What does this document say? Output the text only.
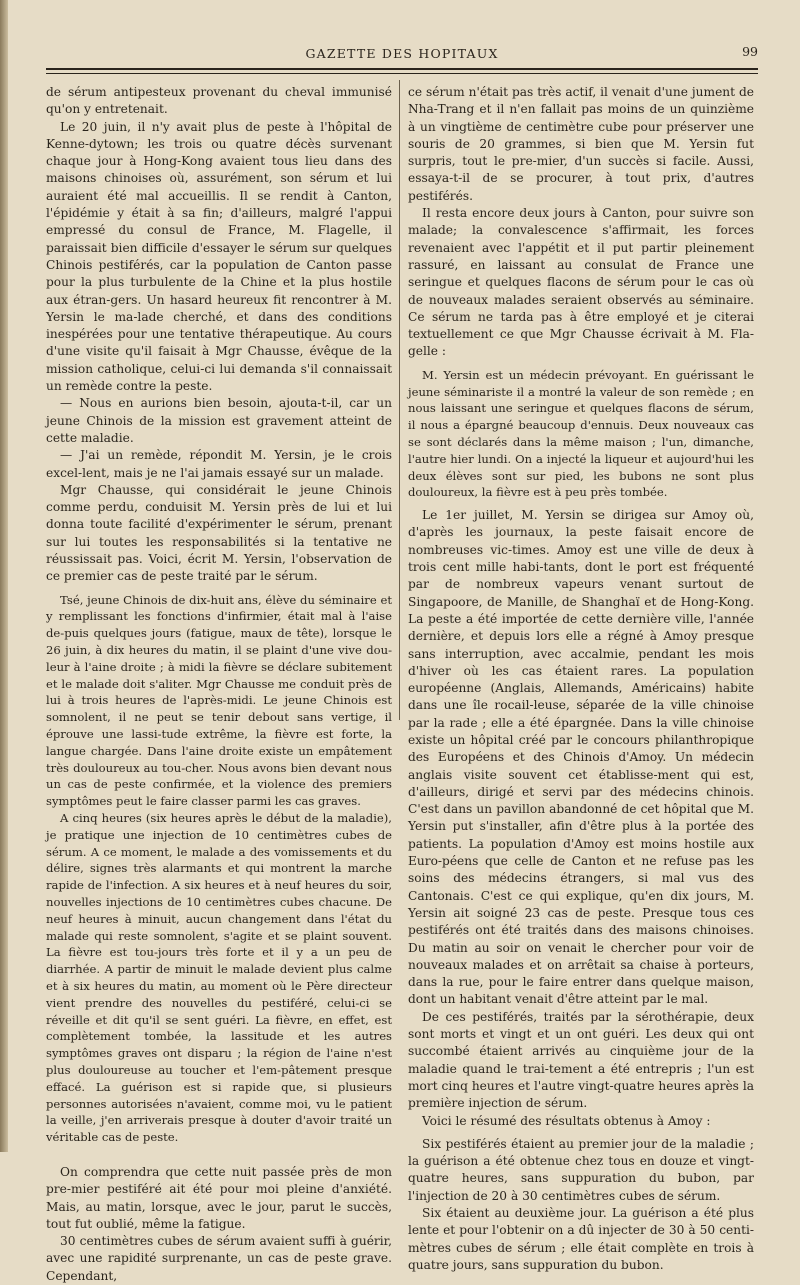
GAZETTE DES HOPITAUX	99

de sérum antipesteux provenant du cheval immunisé qu'on y entretenait.

Le 20 juin, il n'y avait plus de peste à l'hôpital de Kenne-dytown; les trois ou quatre décès survenant chaque jour à Hong-Kong avaient tous lieu dans des maisons chinoises où, assurément, son sérum et lui auraient été mal accueillis. Il se rendit à Canton, l'épidémie y était à sa fin; d'ailleurs, malgré l'appui empressé du consul de France, M. Flagelle, il paraissait bien difficile d'essayer le sérum sur quelques Chinois pestiférés, car la population de Canton passe pour la plus turbulente de la Chine et la plus hostile aux étran-gers. Un hasard heureux fit rencontrer à M. Yersin le ma-lade cherché, et dans des conditions inespérées pour une tentative thérapeutique. Au cours d'une visite qu'il faisait à Mgr Chausse, évêque de la mission catholique, celui-ci lui demanda s'il connaissait un remède contre la peste.

— Nous en aurions bien besoin, ajouta-t-il, car un jeune Chinois de la mission est gravement atteint de cette maladie.

— J'ai un remède, répondit M. Yersin, je le crois excel-lent, mais je ne l'ai jamais essayé sur un malade.

Mgr Chausse, qui considérait le jeune Chinois comme perdu, conduisit M. Yersin près de lui et lui donna toute facilité d'expérimenter le sérum, prenant sur lui toutes les responsabilités si la tentative ne réussissait pas. Voici, écrit M. Yersin, l'observation de ce premier cas de peste traité par le sérum.

Tsé, jeune Chinois de dix-huit ans, élève du séminaire et y remplissant les fonctions d'infirmier, était mal à l'aise de-puis quelques jours (fatigue, maux de tête), lorsque le 26 juin, à dix heures du matin, il se plaint d'une vive dou-leur à l'aine droite ; à midi la fièvre se déclare subitement et le malade doit s'aliter. Mgr Chausse me conduit près de lui à trois heures de l'après-midi. Le jeune Chinois est somnolent, il ne peut se tenir debout sans vertige, il éprouve une lassi-tude extrême, la fièvre est forte, la langue chargée. Dans l'aine droite existe un empâtement très douloureux au tou-cher. Nous avons bien devant nous un cas de peste confirmée, et la violence des premiers symptômes peut le faire classer parmi les cas graves.

A cinq heures (six heures après le début de la maladie), je pratique une injection de 10 centimètres cubes de sérum. A ce moment, le malade a des vomissements et du délire, signes très alarmants et qui montrent la marche rapide de l'infection. A six heures et à neuf heures du soir, nouvelles injections de 10 centimètres cubes chacune. De neuf heures à minuit, aucun changement dans l'état du malade qui reste somnolent, s'agite et se plaint souvent. La fièvre est tou-jours très forte et il y a un peu de diarrhée. A partir de minuit le malade devient plus calme et à six heures du matin, au moment où le Père directeur vient prendre des nouvelles du pestiféré, celui-ci se réveille et dit qu'il se sent guéri. La fièvre, en effet, est complètement tombée, la lassitude et les autres symptômes graves ont disparu ; la région de l'aine n'est plus douloureuse au toucher et l'em-pâtement presque effacé. La guérison est si rapide que, si plusieurs personnes autorisées n'avaient, comme moi, vu le patient la veille, j'en arriverais presque à douter d'avoir traité un véritable cas de peste.

On comprendra que cette nuit passée près de mon pre-mier pestiféré ait été pour moi pleine d'anxiété. Mais, au matin, lorsque, avec le jour, parut le succès, tout fut oublié, même la fatigue.

30 centimètres cubes de sérum avaient suffi à guérir, avec une rapidité surprenante, un cas de peste grave. Cependant,

ce sérum n'était pas très actif, il venait d'une jument de Nha-Trang et il n'en fallait pas moins de un quinzième à un vingtième de centimètre cube pour préserver une souris de 20 grammes, si bien que M. Yersin fut surpris, tout le pre-mier, d'un succès si facile. Aussi, essaya-t-il de se procurer, à tout prix, d'autres pestiférés.

Il resta encore deux jours à Canton, pour suivre son malade; la convalescence s'affirmait, les forces revenaient avec l'appétit et il put partir pleinement rassuré, en laissant au consulat de France une seringue et quelques flacons de sérum pour le cas où de nouveaux malades seraient observés au séminaire. Ce sérum ne tarda pas à être employé et je citerai textuellement ce que Mgr Chausse écrivait à M. Fla-gelle :

M. Yersin est un médecin prévoyant. En guérissant le jeune séminariste il a montré la valeur de son remède ; en nous laissant une seringue et quelques flacons de sérum, il nous a épargné beaucoup d'ennuis. Deux nouveaux cas se sont déclarés dans la même maison ; l'un, dimanche, l'autre hier lundi. On a injecté la liqueur et aujourd'hui les deux élèves sont sur pied, les bubons ne sont plus douloureux, la fièvre est à peu près tombée.

Le 1er juillet, M. Yersin se dirigea sur Amoy où, d'après les journaux, la peste faisait encore de nombreuses vic-times. Amoy est une ville de deux à trois cent mille habi-tants, dont le port est fréquenté par de nombreux vapeurs venant surtout de Singapoore, de Manille, de Shanghaï et de Hong-Kong. La peste a été importée de cette dernière ville, l'année dernière, et depuis lors elle a régné à Amoy presque sans interruption, avec accalmie, pendant les mois d'hiver où les cas étaient rares. La population européenne (Anglais, Allemands, Américains) habite dans une île rocail-leuse, séparée de la ville chinoise par la rade ; elle a été épargnée. Dans la ville chinoise existe un hôpital créé par le concours philanthropique des Européens et des Chinois d'Amoy. Un médecin anglais visite souvent cet établisse-ment qui est, d'ailleurs, dirigé et servi par des médecins chinois. C'est dans un pavillon abandonné de cet hôpital que M. Yersin put s'installer, afin d'être plus à la portée des patients. La population d'Amoy est moins hostile aux Euro-péens que celle de Canton et ne refuse pas les soins des médecins étrangers, si mal vus des Cantonais. C'est ce qui explique, qu'en dix jours, M. Yersin ait soigné 23 cas de peste. Presque tous ces pestiférés ont été traités dans des maisons chinoises. Du matin au soir on venait le chercher pour voir de nouveaux malades et on arrêtait sa chaise à porteurs, dans la rue, pour le faire entrer dans quelque maison, dont un habitant venait d'être atteint par le mal.

De ces pestiférés, traités par la sérothérapie, deux sont morts et vingt et un ont guéri. Les deux qui ont succombé étaient arrivés au cinquième jour de la maladie quand le trai-tement a été entrepris ; l'un est mort cinq heures et l'autre vingt-quatre heures après la première injection de sérum.

Voici le résumé des résultats obtenus à Amoy :

Six pestiférés étaient au premier jour de la maladie ; la guérison a été obtenue chez tous en douze et vingt-quatre heures, sans suppuration du bubon, par l'injection de 20 à 30 centimètres cubes de sérum.

Six étaient au deuxième jour. La guérison a été plus lente et pour l'obtenir on a dû injecter de 30 à 50 centi-mètres cubes de sérum ; elle était complète en trois à quatre jours, sans suppuration du bubon.
